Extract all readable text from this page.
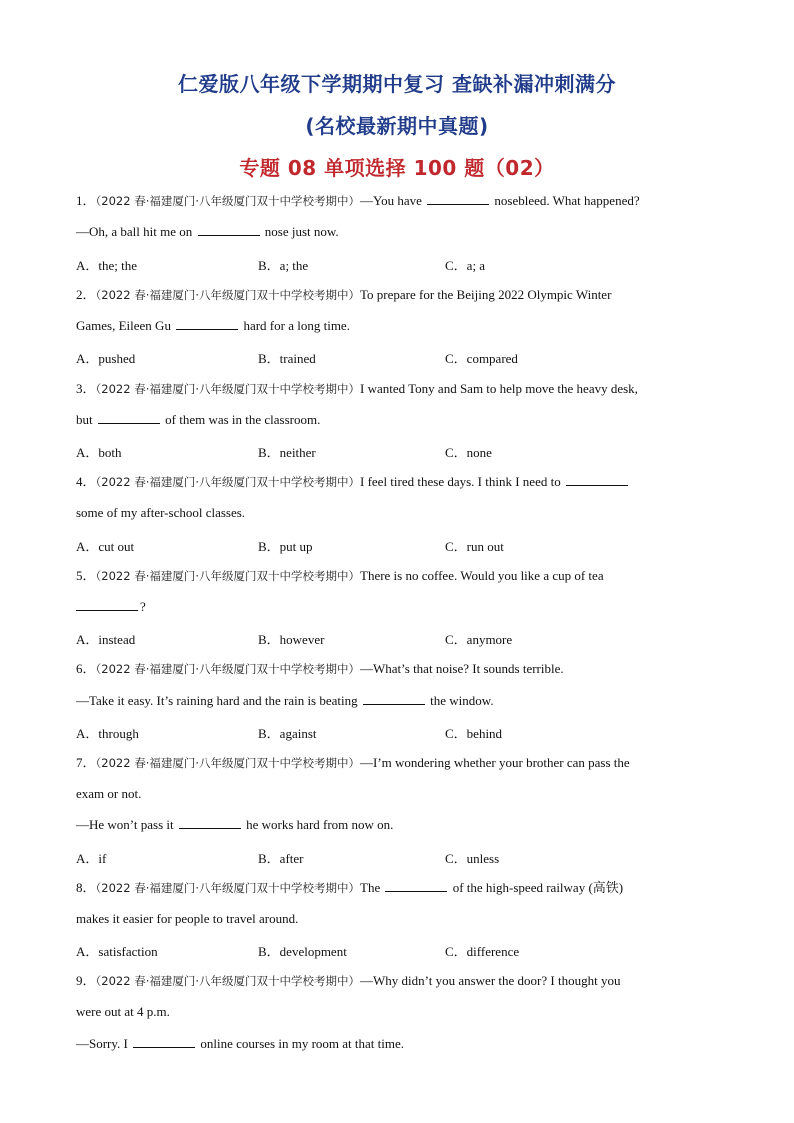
仁爱版八年级下学期期中复习 查缺补漏冲刺满分
(名校最新期中真题)
专题 08 单项选择 100 题（02）
1．（2022 春·福建厦门·八年级厦门双十中学校考期中）—You have	nosebleed. What happened?
—Oh, a ball hit me on	nose just now.
A．the; the	B．a; the	C．a; a
2．（2022 春·福建厦门·八年级厦门双十中学校考期中）To prepare for the Beijing 2022 Olympic Winter
Games, Eileen Gu	hard for a long time.
A．pushed	B．trained	C．compared
3．（2022 春·福建厦门·八年级厦门双十中学校考期中）I wanted Tony and Sam to help move the heavy desk,
but	of them was in the classroom.
A．both	B．neither	C．none
4．（2022 春·福建厦门·八年级厦门双十中学校考期中）I feel tired these days. I think I need to
some of my after-school classes.
A．cut out	B．put up	C．run out
5．（2022 春·福建厦门·八年级厦门双十中学校考期中）There is no coffee. Would you like a cup of tea
?
A．instead	B．however	C．anymore
6．（2022 春·福建厦门·八年级厦门双十中学校考期中）—What’s that noise? It sounds terrible.
—Take it easy. It’s raining hard and the rain is beating	the window.
A．through	B．against	C．behind
7．（2022 春·福建厦门·八年级厦门双十中学校考期中）—I’m wondering whether your brother can pass the
exam or not.
—He won’t pass it	he works hard from now on.
A．if	B．after	C．unless
8．（2022 春·福建厦门·八年级厦门双十中学校考期中）The	of the high-speed railway (高铁)
makes it easier for people to travel around.
A．satisfaction	B．development	C．difference
9．（2022 春·福建厦门·八年级厦门双十中学校考期中）—Why didn’t you answer the door? I thought you
were out at 4 p.m.
—Sorry. I	online courses in my room at that time.
